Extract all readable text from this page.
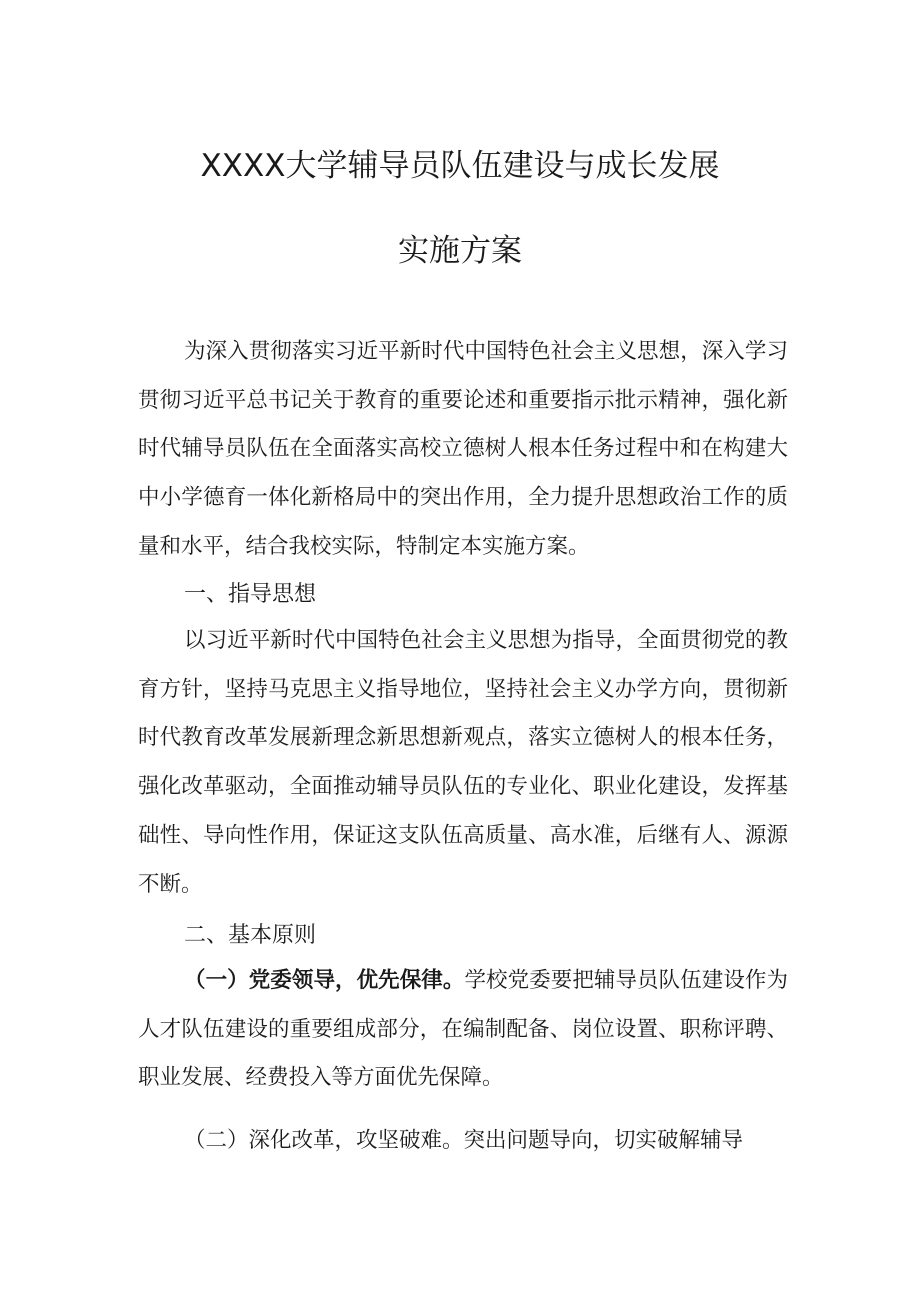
XXXX大学辅导员队伍建设与成长发展
实施方案

为深入贯彻落实习近平新时代中国特色社会主义思想，深入学习贯彻习近平总书记关于教育的重要论述和重要指示批示精神，强化新时代辅导员队伍在全面落实高校立德树人根本任务过程中和在构建大中小学德育一体化新格局中的突出作用，全力提升思想政治工作的质量和水平，结合我校实际，特制定本实施方案。

一、指导思想

以习近平新时代中国特色社会主义思想为指导，全面贯彻党的教育方针，坚持马克思主义指导地位，坚持社会主义办学方向，贯彻新时代教育改革发展新理念新思想新观点，落实立德树人的根本任务，强化改革驱动，全面推动辅导员队伍的专业化、职业化建设，发挥基础性、导向性作用，保证这支队伍高质量、高水准，后继有人、源源不断。

二、基本原则

（一）党委领导，优先保律。学校党委要把辅导员队伍建设作为人才队伍建设的重要组成部分，在编制配备、岗位设置、职称评聘、职业发展、经费投入等方面优先保障。

（二）深化改革，攻坚破难。突出问题导向，切实破解辅导
